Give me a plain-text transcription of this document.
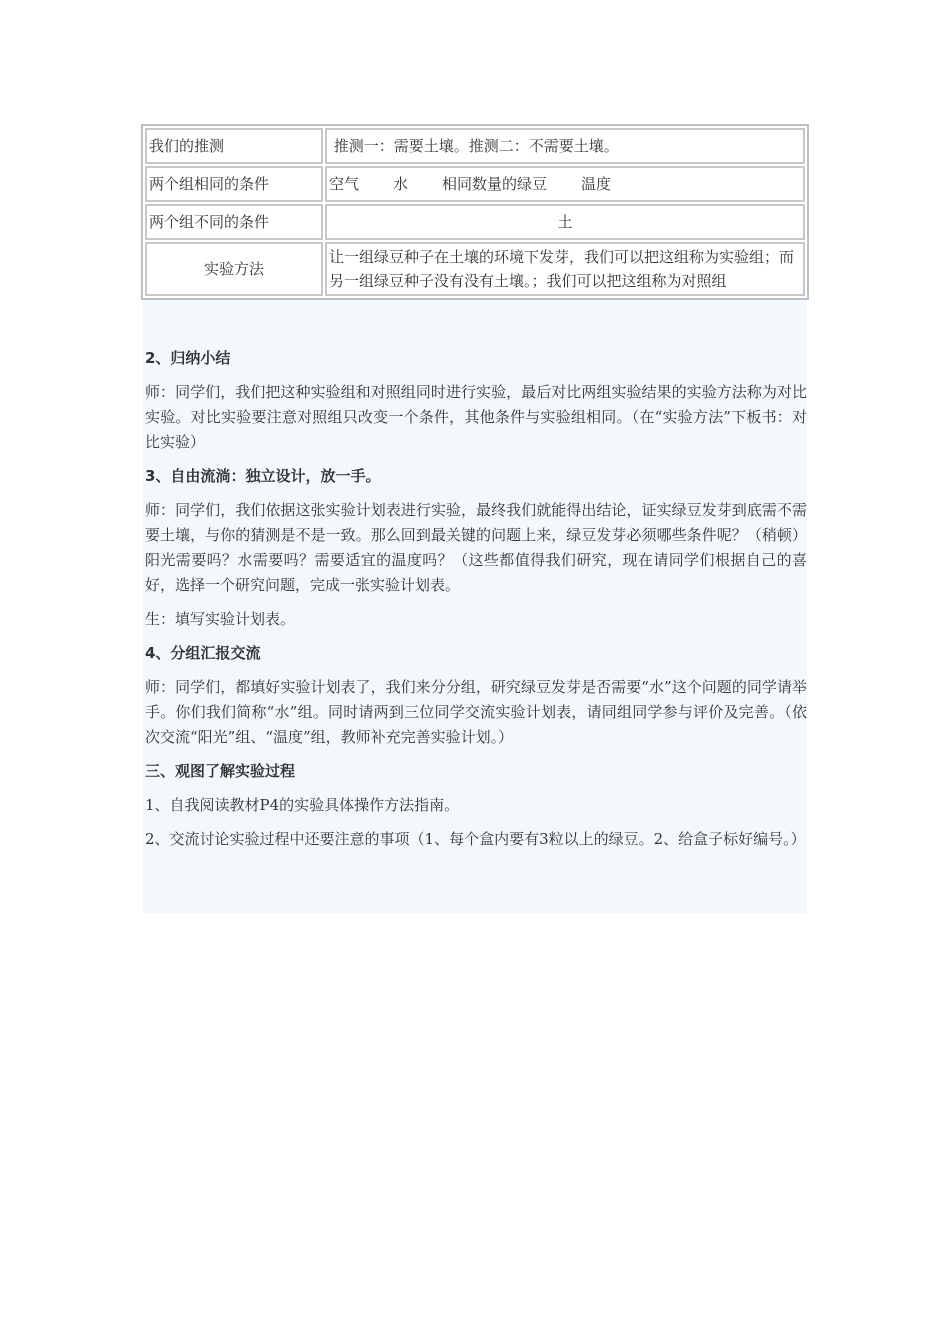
我们的推测	推测一：需要土壤。推测二：不需要土壤。
两个组相同的条件	空气 水 相同数量的绿豆 温度
两个组不同的条件	土
实验方法	让一组绿豆种子在土壤的环境下发芽，我们可以把这组称为实验组；而另一组绿豆种子没有没有土壤。；我们可以把这组称为对照组

2、归纳小结

师：同学们，我们把这种实验组和对照组同时进行实验，最后对比两组实验结果的实验方法称为对比实验。对比实验要注意对照组只改变一个条件，其他条件与实验组相同。（在“实验方法”下板书：对比实验）

3、自由流淌：独立设计，放一手。

师：同学们，我们依据这张实验计划表进行实验，最终我们就能得出结论，证实绿豆发芽到底需不需要土壤，与你的猜测是不是一致。那么回到最关键的问题上来，绿豆发芽必须哪些条件呢？（稍顿）阳光需要吗？水需要吗？需要适宜的温度吗？（这些都值得我们研究，现在请同学们根据自己的喜好，选择一个研究问题，完成一张实验计划表。

生：填写实验计划表。

4、分组汇报交流

师：同学们，都填好实验计划表了，我们来分分组，研究绿豆发芽是否需要“水”这个问题的同学请举手。你们我们简称“水”组。同时请两到三位同学交流实验计划表，请同组同学参与评价及完善。（依次交流“阳光”组、“温度”组，教师补充完善实验计划。）

三、观图了解实验过程

1、自我阅读教材P4的实验具体操作方法指南。

2、交流讨论实验过程中还要注意的事项（1、每个盒内要有3粒以上的绿豆。2、给盒子标好编号。）
